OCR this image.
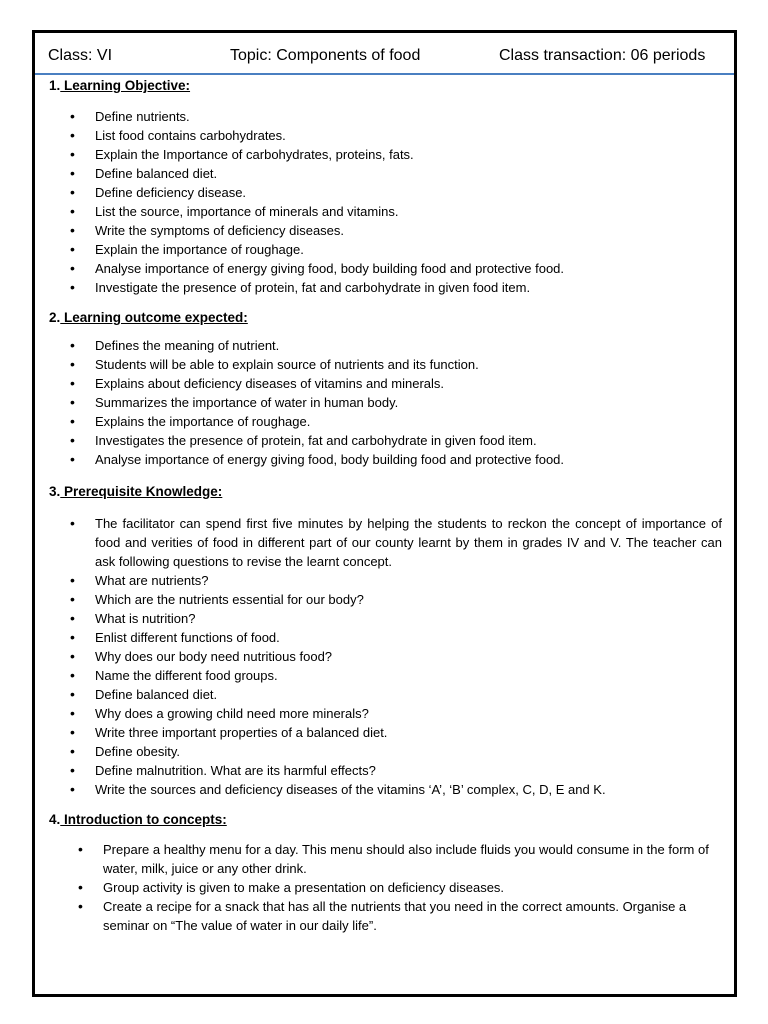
Class: VI	Topic: Components of food	Class transaction: 06 periods
1. Learning Objective:
• Define nutrients.
• List food contains carbohydrates.
• Explain the Importance of carbohydrates, proteins, fats.
• Define balanced diet.
• Define deficiency disease.
• List the source, importance of minerals and vitamins.
• Write the symptoms of deficiency diseases.
• Explain the importance of roughage.
• Analyse importance of energy giving food, body building food and protective food.
• Investigate the presence of protein, fat and carbohydrate in given food item.
2. Learning outcome expected:
• Defines the meaning of nutrient.
• Students will be able to explain source of nutrients and its function.
• Explains about deficiency diseases of vitamins and minerals.
• Summarizes the importance of water in human body.
• Explains the importance of roughage.
• Investigates the presence of protein, fat and carbohydrate in given food item.
• Analyse importance of energy giving food, body building food and protective food.
3. Prerequisite Knowledge:
• The facilitator can spend first five minutes by helping the students to reckon the concept of importance of food and verities of food in different part of our county learnt by them in grades IV and V. The teacher can ask following questions to revise the learnt concept.
• What are nutrients?
• Which are the nutrients essential for our body?
• What is nutrition?
• Enlist different functions of food.
• Why does our body need nutritious food?
• Name the different food groups.
• Define balanced diet.
• Why does a growing child need more minerals?
• Write three important properties of a balanced diet.
• Define obesity.
• Define malnutrition. What are its harmful effects?
• Write the sources and deficiency diseases of the vitamins ‘A’, ‘B’ complex, C, D, E and K.
4. Introduction to concepts:
• Prepare a healthy menu for a day. This menu should also include fluids you would consume in the form of water, milk, juice or any other drink.
• Group activity is given to make a presentation on deficiency diseases.
• Create a recipe for a snack that has all the nutrients that you need in the correct amounts. Organise a seminar on “The value of water in our daily life”.
